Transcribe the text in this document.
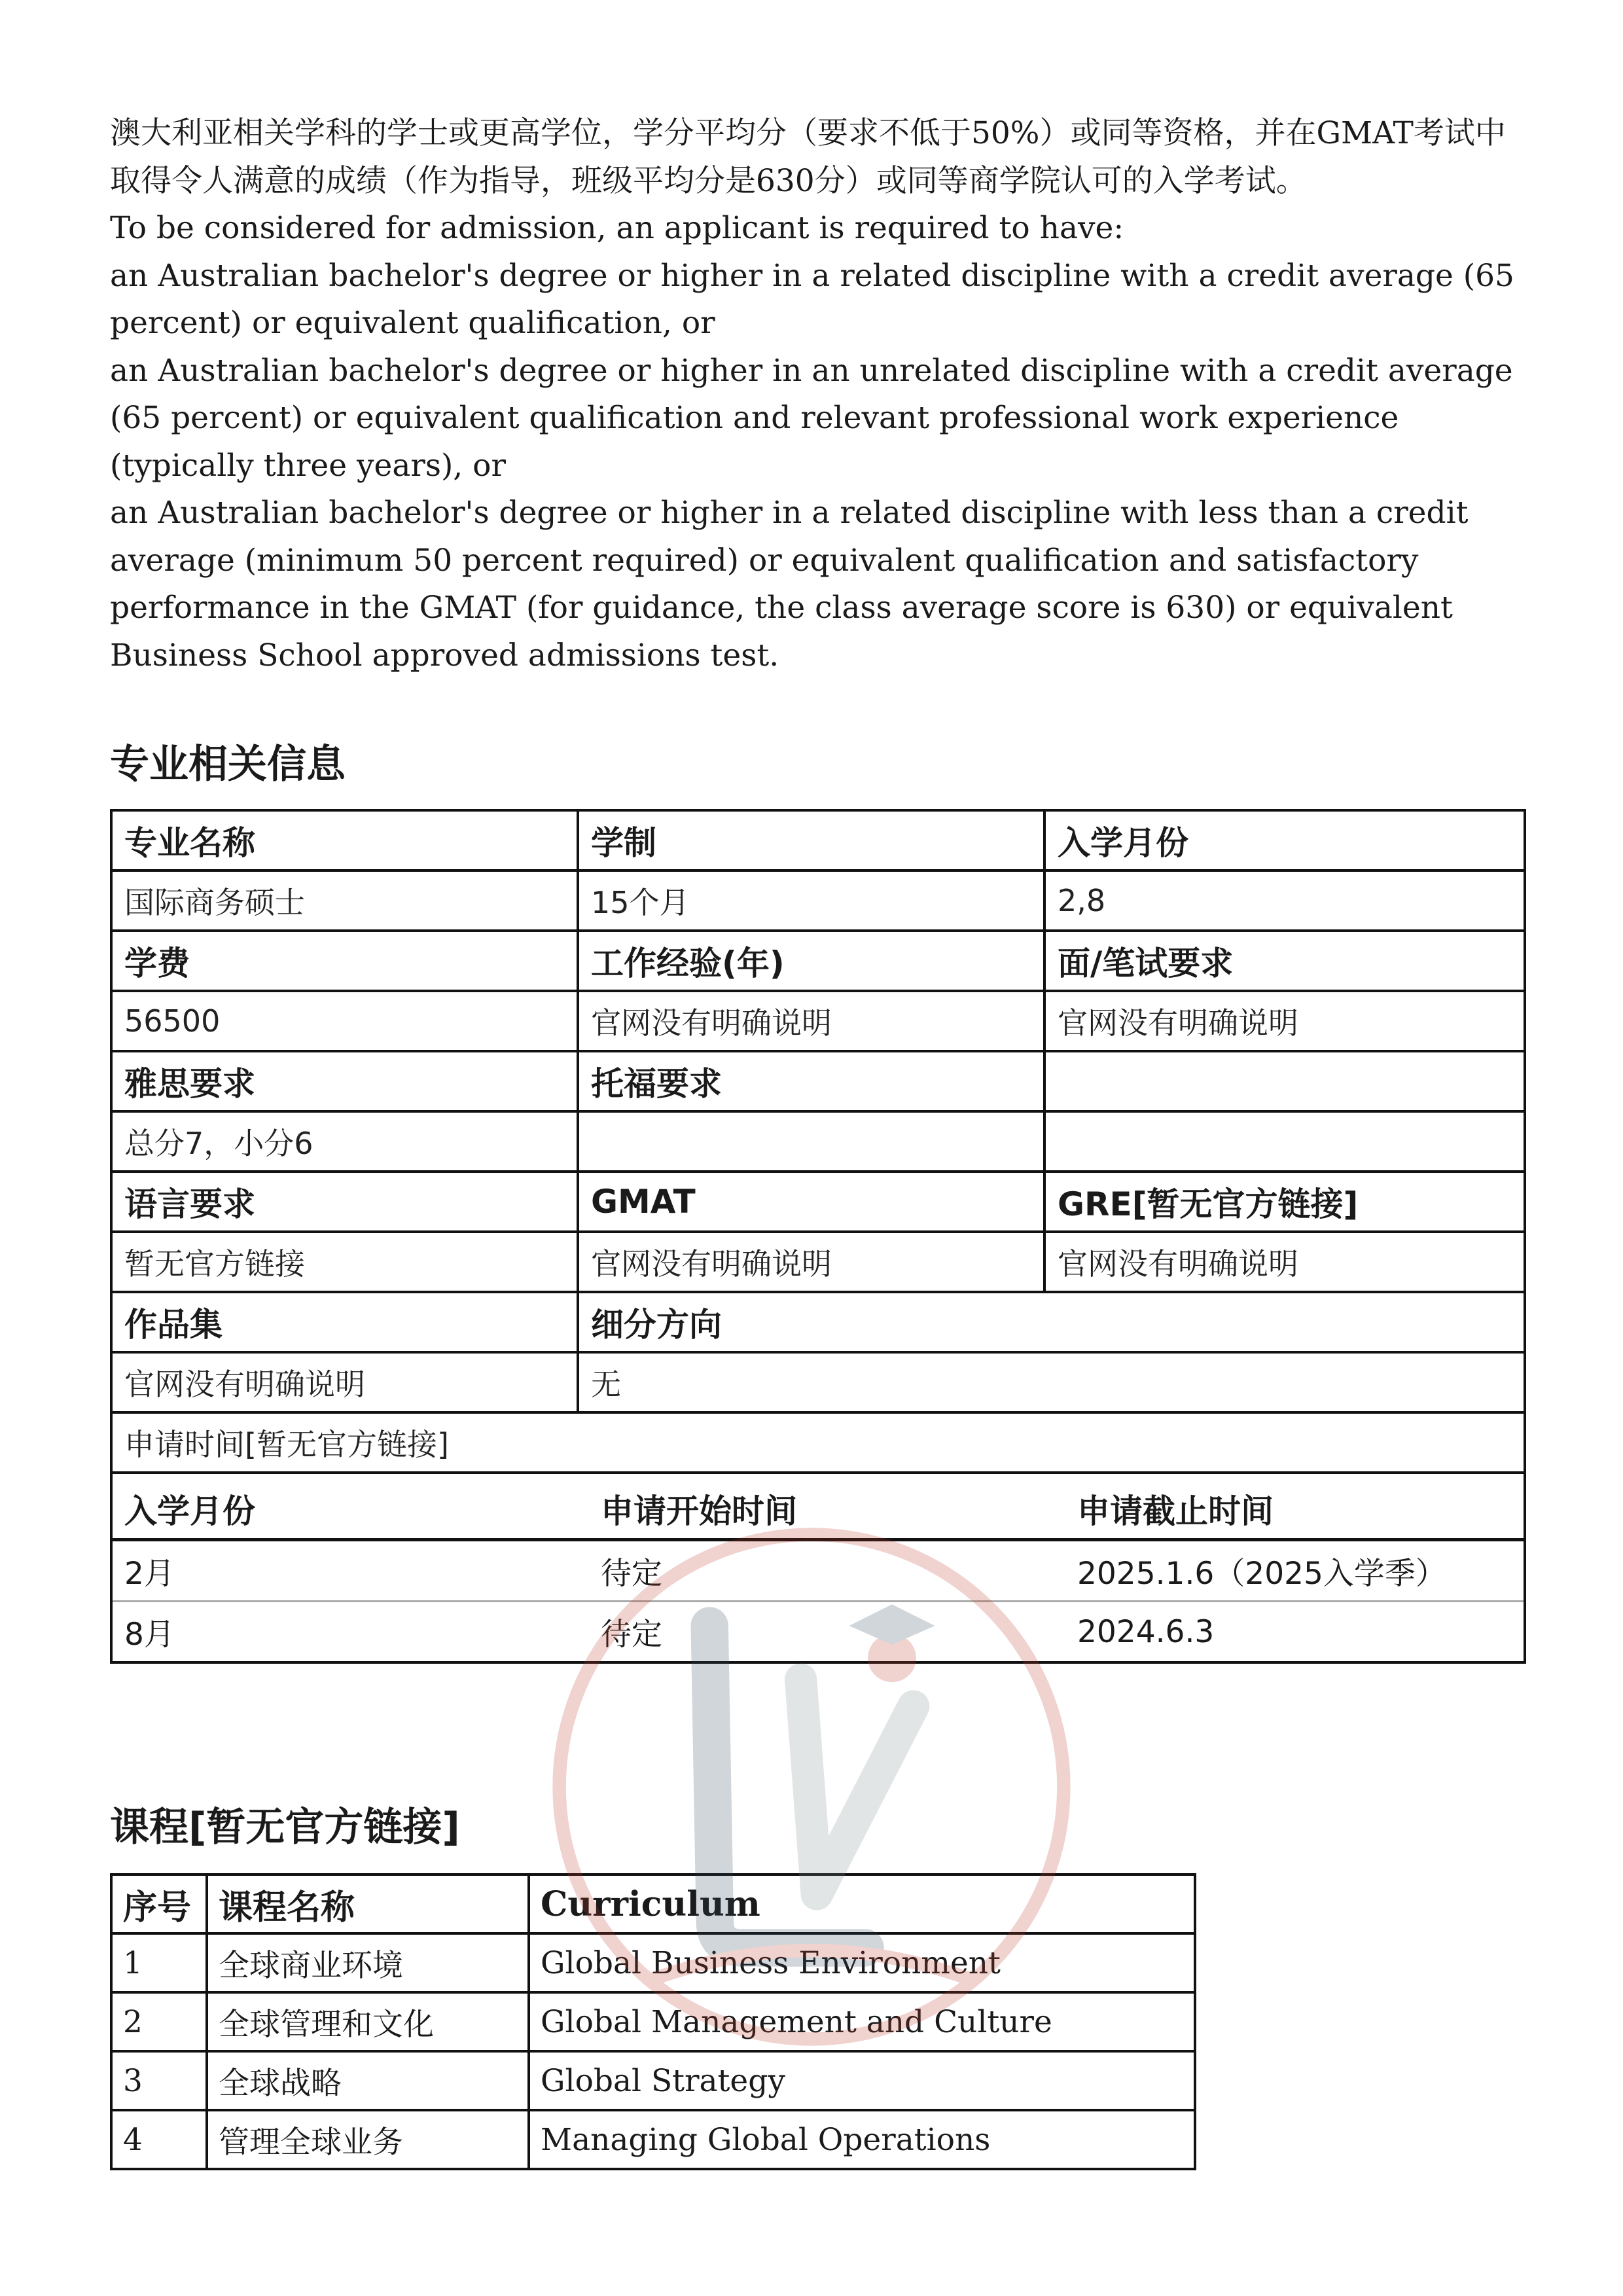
澳大利亚相关学科的学士或更高学位，学分平均分（要求不低于50%）或同等资格，并在GMAT考试中取得令人满意的成绩（作为指导，班级平均分是630分）或同等商学院认可的入学考试。

To be considered for admission, an applicant is required to have:

an Australian bachelor's degree or higher in a related discipline with a credit average (65 percent) or equivalent qualification, or

an Australian bachelor's degree or higher in an unrelated discipline with a credit average (65 percent) or equivalent qualification and relevant professional work experience (typically three years), or

an Australian bachelor's degree or higher in a related discipline with less than a credit average (minimum 50 percent required) or equivalent qualification and satisfactory performance in the GMAT (for guidance, the class average score is 630) or equivalent Business School approved admissions test.

专业相关信息
专业名称	学制	入学月份
国际商务硕士	15个月	2,8
学费	工作经验(年)	面/笔试要求
56500	官网没有明确说明	官网没有明确说明
雅思要求	托福要求	
总分7，小分6		
语言要求	GMAT	GRE[暂无官方链接]
暂无官方链接	官网没有明确说明	官网没有明确说明
作品集	细分方向
官网没有明确说明	无
申请时间[暂无官方链接]

入学月份	申请开始时间	申请截止时间
2月	待定	2025.1.6（2025入学季）
8月	待定	2024.6.3
课程[暂无官方链接]
序号	课程名称	Curriculum
1	全球商业环境	Global Business Environment
2	全球管理和文化	Global Management and Culture
3	全球战略	Global Strategy
4	管理全球业务	Managing Global Operations
